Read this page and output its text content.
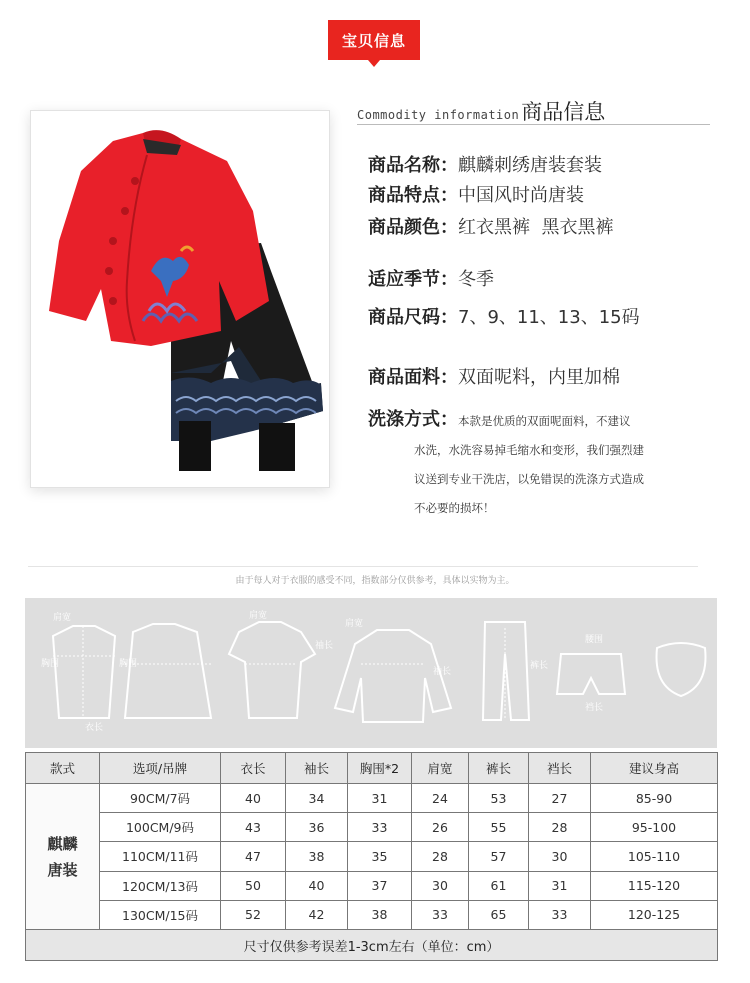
宝贝信息
Commodity information 商品信息
商品名称：麒麟刺绣唐装套装
商品特点：中国风时尚唐装
商品颜色：红衣黑裤  黑衣黑裤
适应季节：冬季
商品尺码：7、9、11、13、15码
商品面料：双面呢料，内里加棉

洗涤方式：本款是优质的双面呢面料，不建议

水洗，水洗容易掉毛缩水和变形，我们强烈建

议送到专业干洗店，以免错误的洗涤方式造成

不必要的损坏！

由于每人对于衣服的感受不同，指数部分仅供参考，具体以实物为主。
肩宽
胸围
衣长
胸围
肩宽
袖长
肩宽
袖长
裤长
腰围
裆长
款式	选项/吊牌	衣长	袖长	胸围*2	肩宽	裤长	裆长	建议身高
麒麟唐装	90CM/7码	40	34	31	24	53	27	85-90
	100CM/9码	43	36	33	26	55	28	95-100
	110CM/11码	47	38	35	28	57	30	105-110
	120CM/13码	50	40	37	30	61	31	115-120
	130CM/15码	52	42	38	33	65	33	120-125
尺寸仅供参考误差1-3cm左右（单位：cm）								
